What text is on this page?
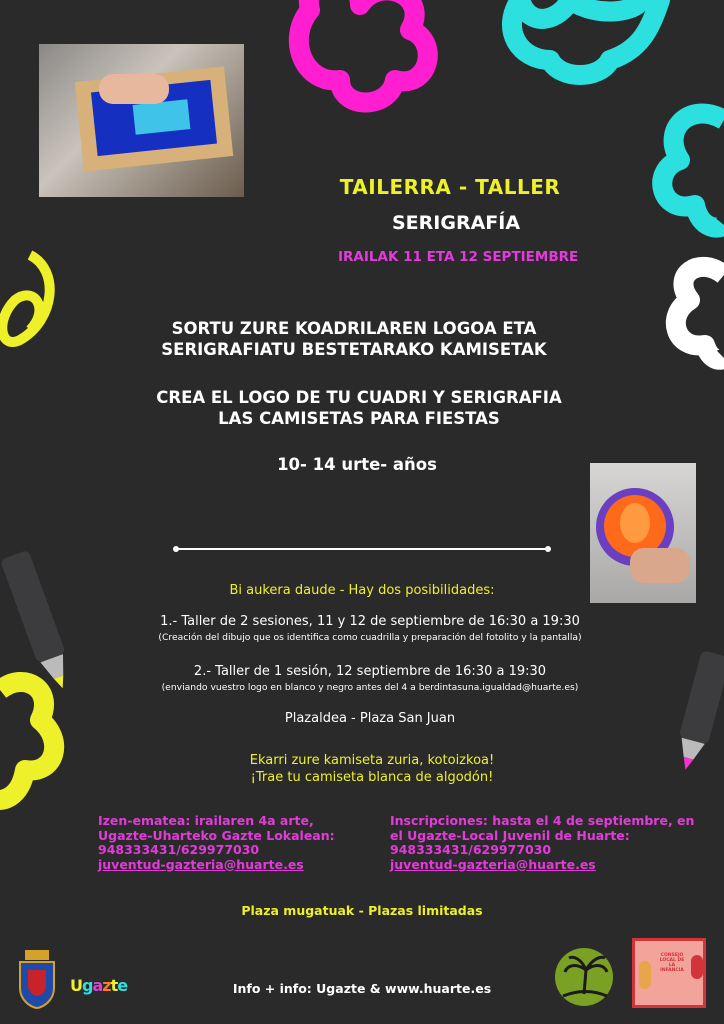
TAILERRA - TALLER
SERIGRAFÍA
IRAILAK 11 ETA 12 SEPTIEMBRE
SORTU ZURE KOADRILAREN LOGOA ETA
SERIGRAFIATU BESTETARAKO KAMISETAK
CREA EL LOGO DE TU CUADRI Y SERIGRAFIA
LAS CAMISETAS PARA FIESTAS
10- 14 urte- años
Bi aukera daude - Hay dos posibilidades:
1.- Taller de 2 sesiones, 11 y 12 de septiembre de 16:30 a 19:30
(Creación del dibujo que os identifica como cuadrilla y preparación del fotolito y la pantalla)
2.- Taller de 1 sesión, 12 septiembre de 16:30 a 19:30
(enviando vuestro logo en blanco y negro antes del 4 a berdintasuna.igualdad@huarte.es)
Plazaldea - Plaza San Juan
Ekarri zure kamiseta zuria, kotoizkoa!
¡Trae tu camiseta blanca de algodón!
Izen-ematea: irailaren 4a arte,
Ugazte-Uharteko Gazte Lokalean:
948333431/629977030
juventud-gazteria@huarte.es
Inscripciones: hasta el 4 de septiembre, en
el Ugazte-Local Juvenil de Huarte:
948333431/629977030
juventud-gazteria@huarte.es
Plaza mugatuak - Plazas limitadas
Ugazte	Info + info: Ugazte & www.huarte.es
CONSEJO LOCAL DE LA INFANCIA
